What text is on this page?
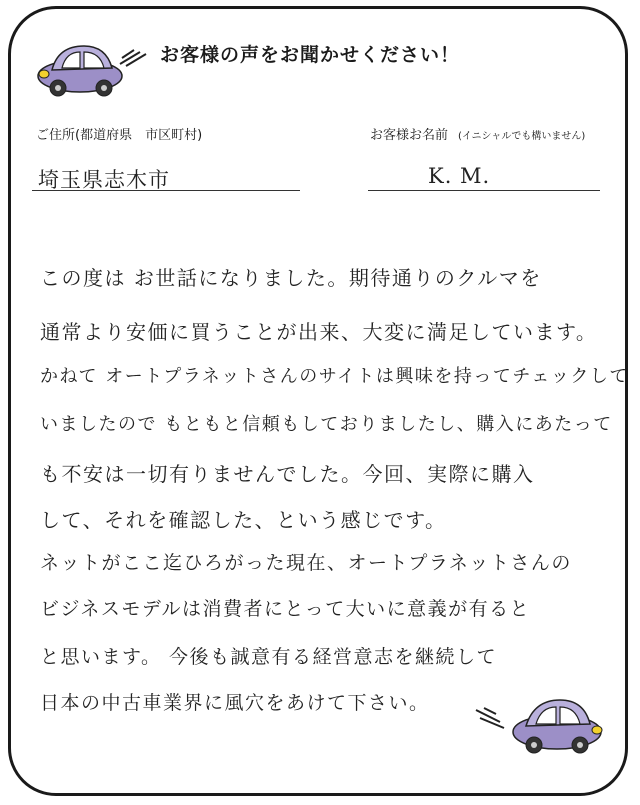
お客様の声をお聞かせください！
ご住所(都道府県　市区町村)
埼玉県志木市
お客様お名前 (イニシャルでも構いません)
K. M.
この度は お世話になりました。期待通りのクルマを
通常より安価に買うことが出来、大変に満足しています。
かねて オートプラネットさんのサイトは興味を持ってチェックして
いましたので もともと信頼もしておりましたし、購入にあたって
も不安は一切有りませんでした。今回、実際に購入
して、それを確認した、という感じです。
ネットがここ迄ひろがった現在、オートプラネットさんの
ビジネスモデルは消費者にとって大いに意義が有ると
と思います。 今後も誠意有る経営意志を継続して
日本の中古車業界に風穴をあけて下さい。
